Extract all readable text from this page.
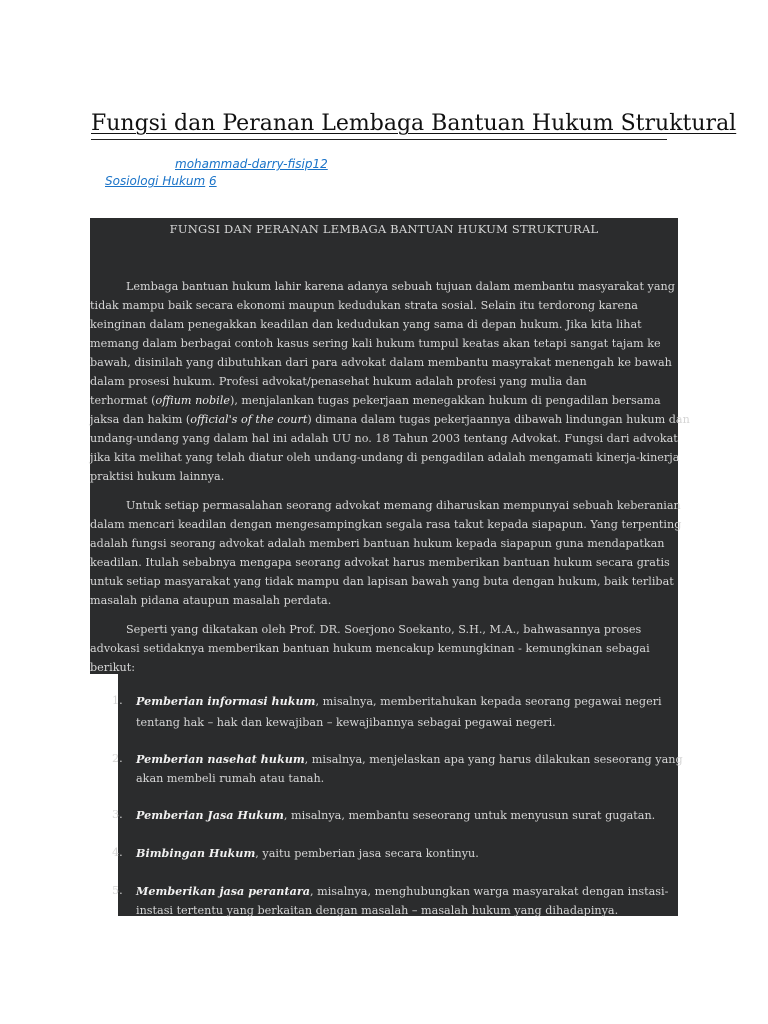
Fungsi dan Peranan Lembaga Bantuan Hukum Struktural
mohammad-darry-fisip12
Sosiologi Hukum 6
FUNGSI DAN PERANAN LEMBAGA BANTUAN HUKUM STRUKTURAL
Lembaga bantuan hukum lahir karena adanya sebuah tujuan dalam membantu masyarakat yang
tidak mampu baik secara ekonomi maupun kedudukan strata sosial. Selain itu terdorong karena
keinginan dalam penegakkan keadilan dan kedudukan yang sama di depan hukum. Jika kita lihat
memang dalam berbagai contoh kasus sering kali hukum tumpul keatas akan tetapi sangat tajam ke
bawah, disinilah yang dibutuhkan dari para advokat dalam membantu masyrakat menengah ke bawah
dalam prosesi hukum. Profesi advokat/penasehat hukum adalah profesi yang mulia dan
terhormat (offium nobile), menjalankan tugas pekerjaan menegakkan hukum di pengadilan bersama
jaksa dan hakim (official's of the court) dimana dalam tugas pekerjaannya dibawah lindungan hukum dan
undang-undang yang dalam hal ini adalah UU no. 18 Tahun 2003 tentang Advokat. Fungsi dari advokat
jika kita melihat yang telah diatur oleh undang-undang di pengadilan adalah mengamati kinerja-kinerja
praktisi hukum lainnya.
Untuk setiap permasalahan seorang advokat memang diharuskan mempunyai sebuah keberanian
dalam mencari keadilan dengan mengesampingkan segala rasa takut kepada siapapun. Yang terpenting
adalah fungsi seorang advokat adalah memberi bantuan hukum kepada siapapun guna mendapatkan
keadilan. Itulah sebabnya mengapa seorang advokat harus memberikan bantuan hukum secara gratis
untuk setiap masyarakat yang tidak mampu dan lapisan bawah yang buta dengan hukum, baik terlibat
masalah pidana ataupun masalah perdata.
Seperti yang dikatakan oleh Prof. DR. Soerjono Soekanto, S.H., M.A., bahwasannya proses
advokasi setidaknya memberikan bantuan hukum mencakup kemungkinan - kemungkinan sebagai
berikut:
1. Pemberian informasi hukum, misalnya, memberitahukan kepada seorang pegawai negeri
tentang hak – hak dan kewajiban – kewajibannya sebagai pegawai negeri.
2. Pemberian nasehat hukum, misalnya, menjelaskan apa yang harus dilakukan seseorang yang
akan membeli rumah atau tanah.
3. Pemberian Jasa Hukum, misalnya, membantu seseorang untuk menyusun surat gugatan.
4. Bimbingan Hukum, yaitu pemberian jasa secara kontinyu.
5. Memberikan jasa perantara, misalnya, menghubungkan warga masyarakat dengan instasi-
instasi tertentu yang berkaitan dengan masalah – masalah hukum yang dihadapinya.
